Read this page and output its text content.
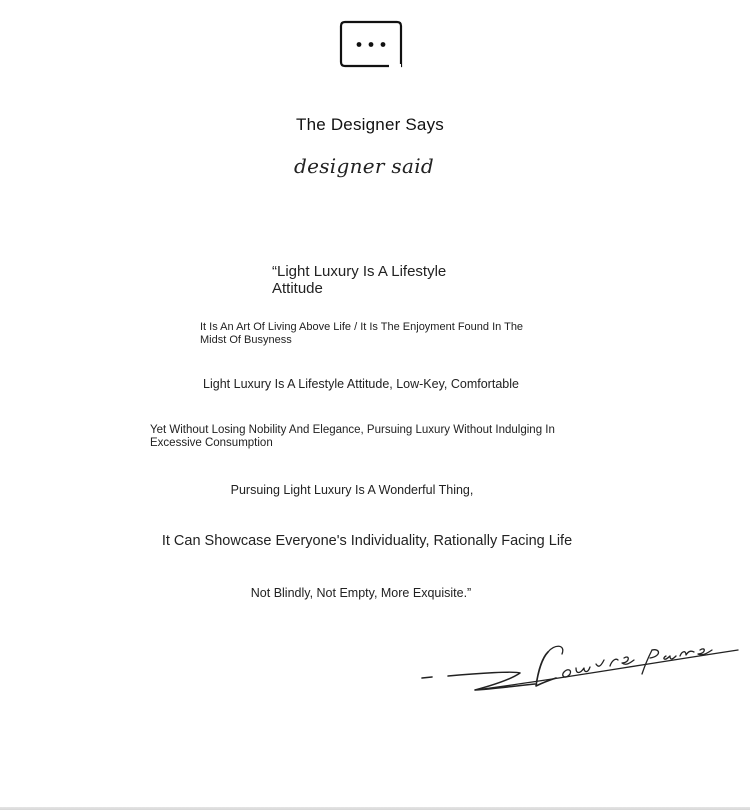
The Designer Says
designer said
“Light Luxury Is A Lifestyle Attitude
It Is An Art Of Living Above Life / It Is The Enjoyment Found In The Midst Of Busyness
Light Luxury Is A Lifestyle Attitude, Low-Key, Comfortable
Yet Without Losing Nobility And Elegance, Pursuing Luxury Without Indulging In Excessive Consumption
Pursuing Light Luxury Is A Wonderful Thing,
It Can Showcase Everyone's Individuality, Rationally Facing Life
Not Blindly, Not Empty, More Exquisite.”
